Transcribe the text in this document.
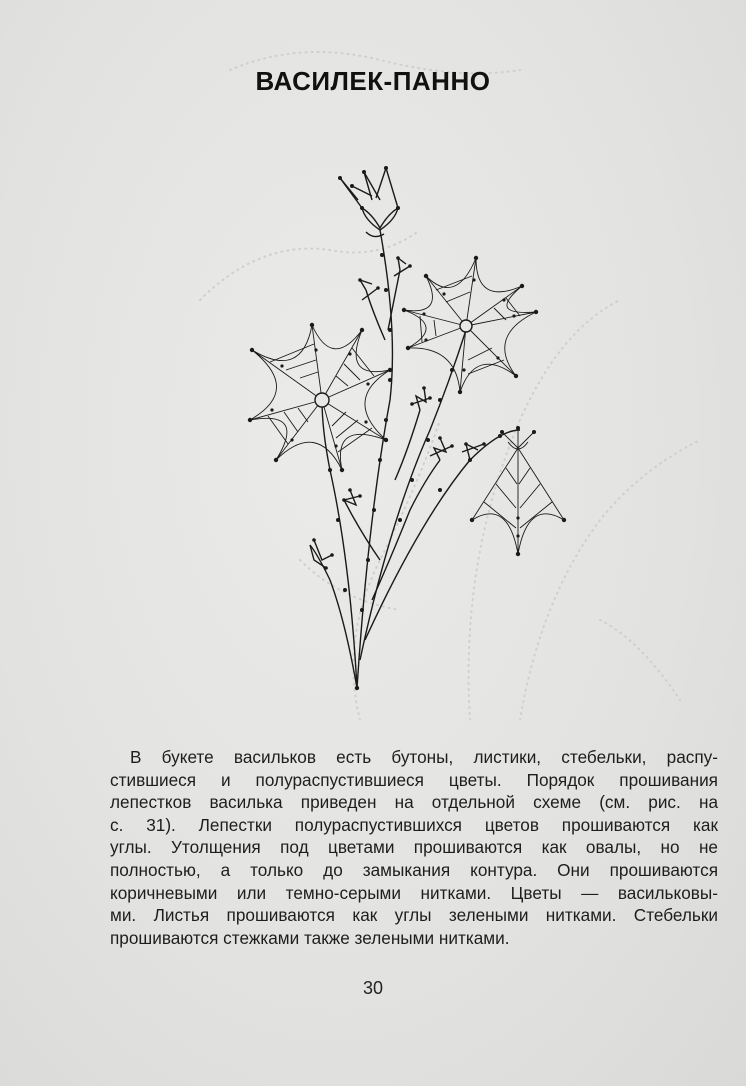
ВАСИЛЕК-ПАННО
В букете васильков есть бутоны, листики, стебельки, распу-
стившиеся и полураспустившиеся цветы. Порядок прошивания
лепестков василька приведен на отдельной схеме (см. рис. на
с. 31). Лепестки полураспустившихся цветов прошиваются как
углы. Утолщения под цветами прошиваются как овалы, но не
полностью, а только до замыкания контура. Они прошиваются
коричневыми или темно-серыми нитками. Цветы — васильковы-
ми. Листья прошиваются как углы зелеными нитками. Стебельки
прошиваются стежками также зелеными нитками.
30
